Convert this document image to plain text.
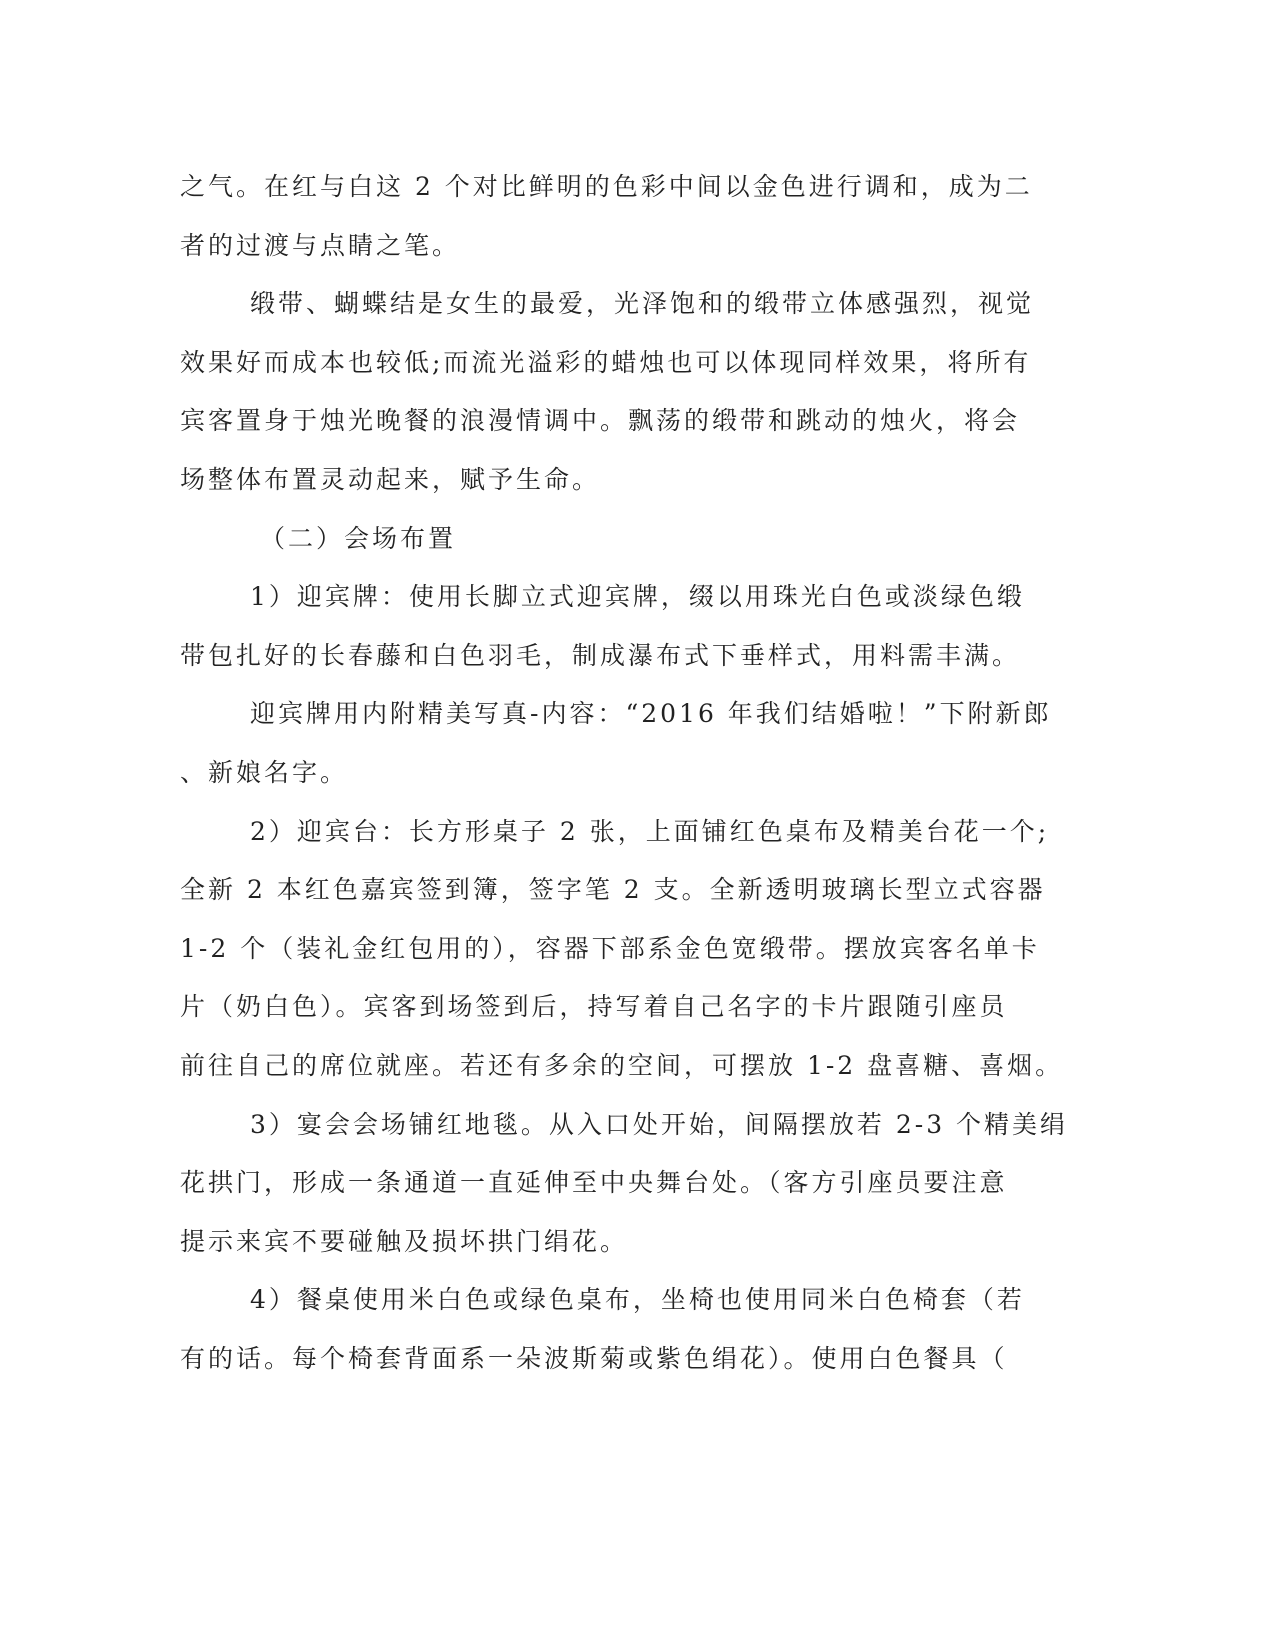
之气。在红与白这 2 个对比鲜明的色彩中间以金色进行调和，成为二
者的过渡与点睛之笔。
缎带、蝴蝶结是女生的最爱，光泽饱和的缎带立体感强烈，视觉
效果好而成本也较低;而流光溢彩的蜡烛也可以体现同样效果，将所有
宾客置身于烛光晚餐的浪漫情调中。飘荡的缎带和跳动的烛火，将会
场整体布置灵动起来，赋予生命。
（二）会场布置
1）迎宾牌：使用长脚立式迎宾牌，缀以用珠光白色或淡绿色缎
带包扎好的长春藤和白色羽毛，制成瀑布式下垂样式，用料需丰满。
迎宾牌用内附精美写真-内容：“2016 年我们结婚啦！”下附新郎
、新娘名字。
2）迎宾台：长方形桌子 2 张，上面铺红色桌布及精美台花一个;
全新 2 本红色嘉宾签到簿，签字笔 2 支。全新透明玻璃长型立式容器
1-2 个（装礼金红包用的），容器下部系金色宽缎带。摆放宾客名单卡
片（奶白色）。宾客到场签到后，持写着自己名字的卡片跟随引座员
前往自己的席位就座。若还有多余的空间，可摆放 1-2 盘喜糖、喜烟。
3）宴会会场铺红地毯。从入口处开始，间隔摆放若 2-3 个精美绢
花拱门，形成一条通道一直延伸至中央舞台处。（客方引座员要注意
提示来宾不要碰触及损坏拱门绢花。
4）餐桌使用米白色或绿色桌布，坐椅也使用同米白色椅套（若
有的话。每个椅套背面系一朵波斯菊或紫色绢花）。使用白色餐具（
